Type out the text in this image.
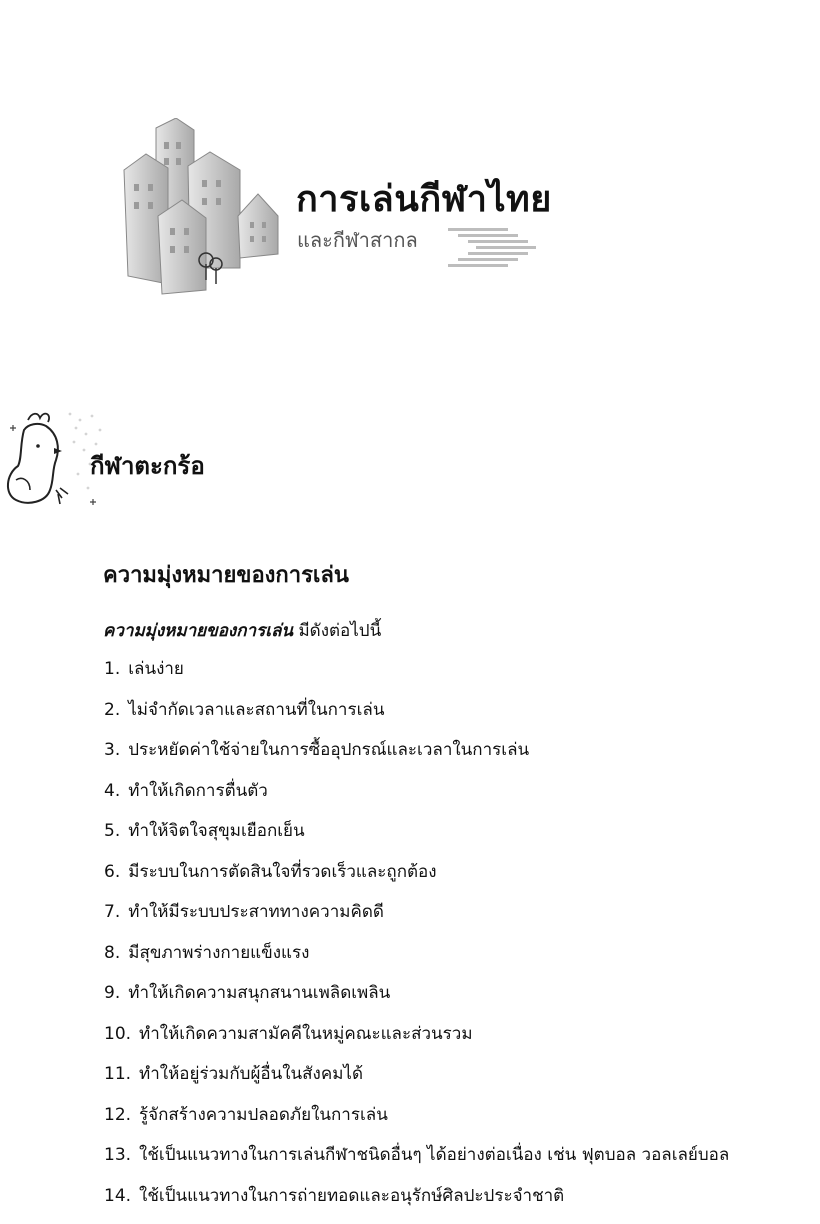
การเล่นกีฬาไทย
และกีฬาสากล
กีฬาตะกร้อ
ความมุ่งหมายของการเล่น
ความมุ่งหมายของการเล่น มีดังต่อไปนี้
1. เล่นง่าย
2. ไม่จำกัดเวลาและสถานที่ในการเล่น
3. ประหยัดค่าใช้จ่ายในการซื้ออุปกรณ์และเวลาในการเล่น
4. ทำให้เกิดการตื่นตัว
5. ทำให้จิตใจสุขุมเยือกเย็น
6. มีระบบในการตัดสินใจที่รวดเร็วและถูกต้อง
7. ทำให้มีระบบประสาททางความคิดดี
8. มีสุขภาพร่างกายแข็งแรง
9. ทำให้เกิดความสนุกสนานเพลิดเพลิน
10. ทำให้เกิดความสามัคคีในหมู่คณะและส่วนรวม
11. ทำให้อยู่ร่วมกับผู้อื่นในสังคมได้
12. รู้จักสร้างความปลอดภัยในการเล่น
13. ใช้เป็นแนวทางในการเล่นกีฬาชนิดอื่นๆ ได้อย่างต่อเนื่อง เช่น ฟุตบอล วอลเลย์บอล
14. ใช้เป็นแนวทางในการถ่ายทอดและอนุรักษ์ศิลปะประจำชาติ
